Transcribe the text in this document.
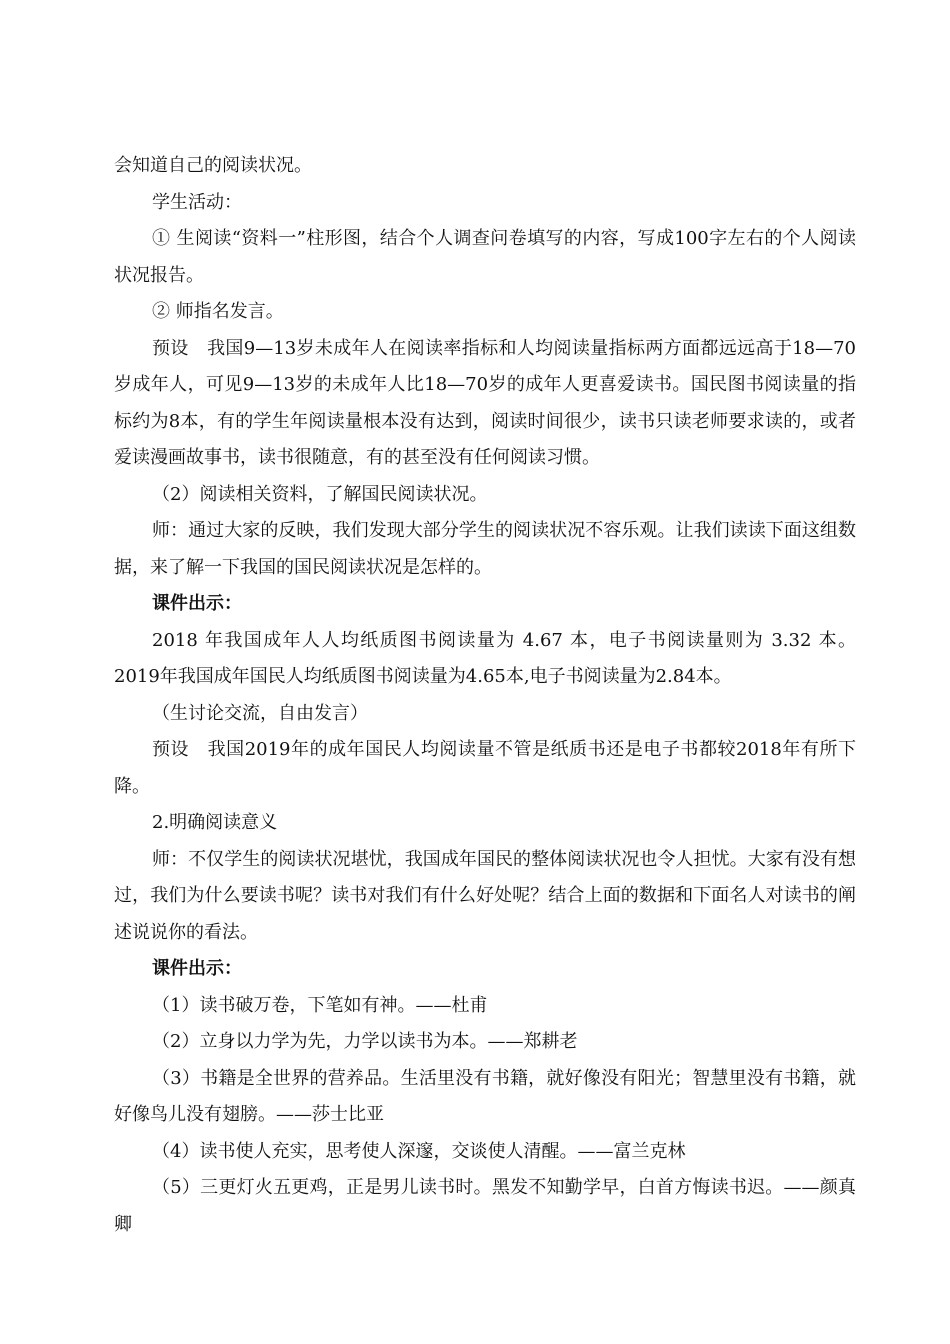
会知道自己的阅读状况。

学生活动：

① 生阅读“资料一”柱形图，结合个人调查问卷填写的内容，写成100字左右的个人阅读状况报告。

② 师指名发言。

预设　我国9—13岁未成年人在阅读率指标和人均阅读量指标两方面都远远高于18—70岁成年人，可见9—13岁的未成年人比18—70岁的成年人更喜爱读书。国民图书阅读量的指标约为8本，有的学生年阅读量根本没有达到，阅读时间很少，读书只读老师要求读的，或者爱读漫画故事书，读书很随意，有的甚至没有任何阅读习惯。

（2）阅读相关资料，了解国民阅读状况。

师：通过大家的反映，我们发现大部分学生的阅读状况不容乐观。让我们读读下面这组数据，来了解一下我国的国民阅读状况是怎样的。

课件出示：

2018 年我国成年人人均纸质图书阅读量为 4.67 本，电子书阅读量则为 3.32 本。2019年我国成年国民人均纸质图书阅读量为4.65本,电子书阅读量为2.84本。

（生讨论交流，自由发言）

预设　我国2019年的成年国民人均阅读量不管是纸质书还是电子书都较2018年有所下降。

2.明确阅读意义

师：不仅学生的阅读状况堪忧，我国成年国民的整体阅读状况也令人担忧。大家有没有想过，我们为什么要读书呢？读书对我们有什么好处呢？结合上面的数据和下面名人对读书的阐述说说你的看法。

课件出示：

（1）读书破万卷，下笔如有神。——杜甫

（2）立身以力学为先，力学以读书为本。——郑耕老

（3）书籍是全世界的营养品。生活里没有书籍，就好像没有阳光；智慧里没有书籍，就好像鸟儿没有翅膀。——莎士比亚

（4）读书使人充实，思考使人深邃，交谈使人清醒。——富兰克林

（5）三更灯火五更鸡，正是男儿读书时。黑发不知勤学早，白首方悔读书迟。——颜真卿
